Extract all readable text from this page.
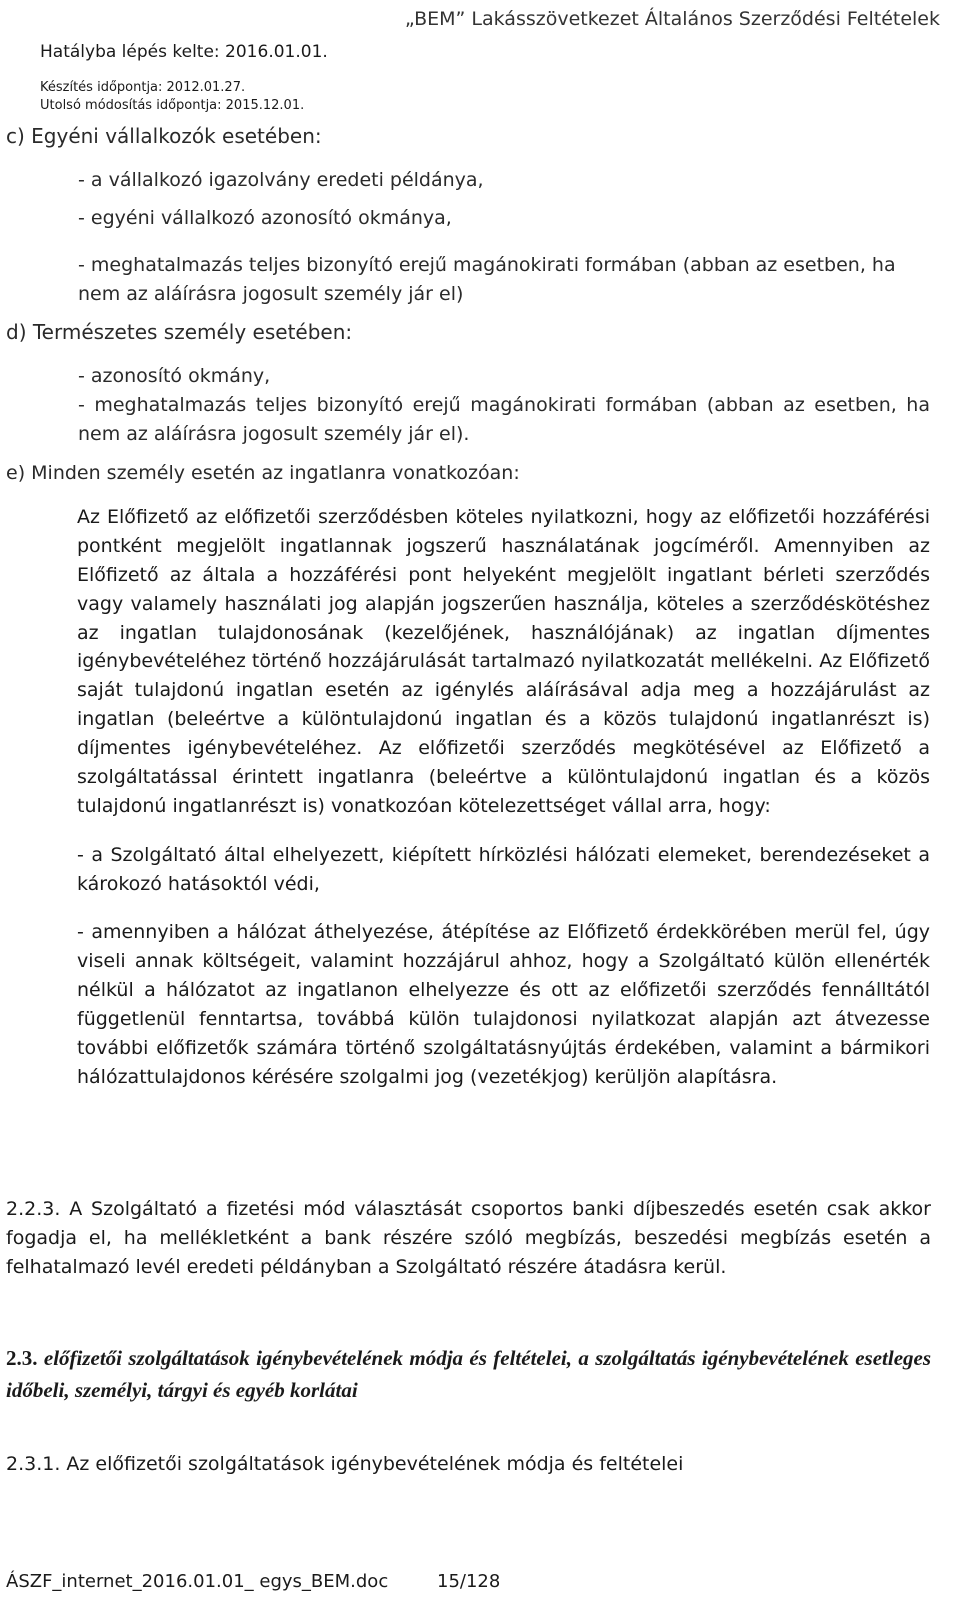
„BEM” Lakásszövetkezet Általános Szerződési Feltételek
Hatályba lépés kelte: 2016.01.01.
Készítés időpontja: 2012.01.27.
Utolsó módosítás időpontja: 2015.12.01.
c) Egyéni vállalkozók esetében:
- a vállalkozó igazolvány eredeti példánya,
- egyéni vállalkozó azonosító okmánya,
- meghatalmazás teljes bizonyító erejű magánokirati formában (abban az esetben, ha nem az aláírásra jogosult személy jár el)
d) Természetes személy esetében:
- azonosító okmány,
- meghatalmazás teljes bizonyító erejű magánokirati formában (abban az esetben, ha nem az aláírásra jogosult személy jár el).
e) Minden személy esetén az ingatlanra vonatkozóan:

Az Előfizető az előfizetői szerződésben köteles nyilatkozni, hogy az előfizetői hozzáférési pontként megjelölt ingatlannak jogszerű használatának jogcíméről. Amennyiben az Előfizető az általa a hozzáférési pont helyeként megjelölt ingatlant bérleti szerződés vagy valamely használati jog alapján jogszerűen használja, köteles a szerződéskötéshez az ingatlan tulajdonosának (kezelőjének, használójának) az ingatlan díjmentes igénybevételéhez történő hozzájárulását tartalmazó nyilatkozatát mellékelni. Az Előfizető saját tulajdonú ingatlan esetén az igénylés aláírásával adja meg a hozzájárulást az ingatlan (beleértve a különtulajdonú ingatlan és a közös tulajdonú ingatlanrészt is) díjmentes igénybevételéhez. Az előfizetői szerződés megkötésével az Előfizető a szolgáltatással érintett ingatlanra (beleértve a különtulajdonú ingatlan és a közös tulajdonú ingatlanrészt is) vonatkozóan kötelezettséget vállal arra, hogy:

- a Szolgáltató által elhelyezett, kiépített hírközlési hálózati elemeket, berendezéseket a károkozó hatásoktól védi,

- amennyiben a hálózat áthelyezése, átépítése az Előfizető érdekkörében merül fel, úgy viseli annak költségeit, valamint hozzájárul ahhoz, hogy a Szolgáltató külön ellenérték nélkül a hálózatot az ingatlanon elhelyezze és ott az előfizetői szerződés fennálltától függetlenül fenntartsa, továbbá külön tulajdonosi nyilatkozat alapján azt átvezesse további előfizetők számára történő szolgáltatásnyújtás érdekében, valamint a bármikori hálózattulajdonos kérésére szolgalmi jog (vezetékjog) kerüljön alapításra.

2.2.3. A Szolgáltató a fizetési mód választását csoportos banki díjbeszedés esetén csak akkor fogadja el, ha mellékletként a bank részére szóló megbízás, beszedési megbízás esetén a felhatalmazó levél eredeti példányban a Szolgáltató részére átadásra kerül.
2.3. előfizetői szolgáltatások igénybevételének módja és feltételei, a szolgáltatás igénybevételének esetleges időbeli, személyi, tárgyi és egyéb korlátai
2.3.1. Az előfizetői szolgáltatások igénybevételének módja és feltételei
ÁSZF_internet_2016.01.01_ egys_BEM.doc	15/128
